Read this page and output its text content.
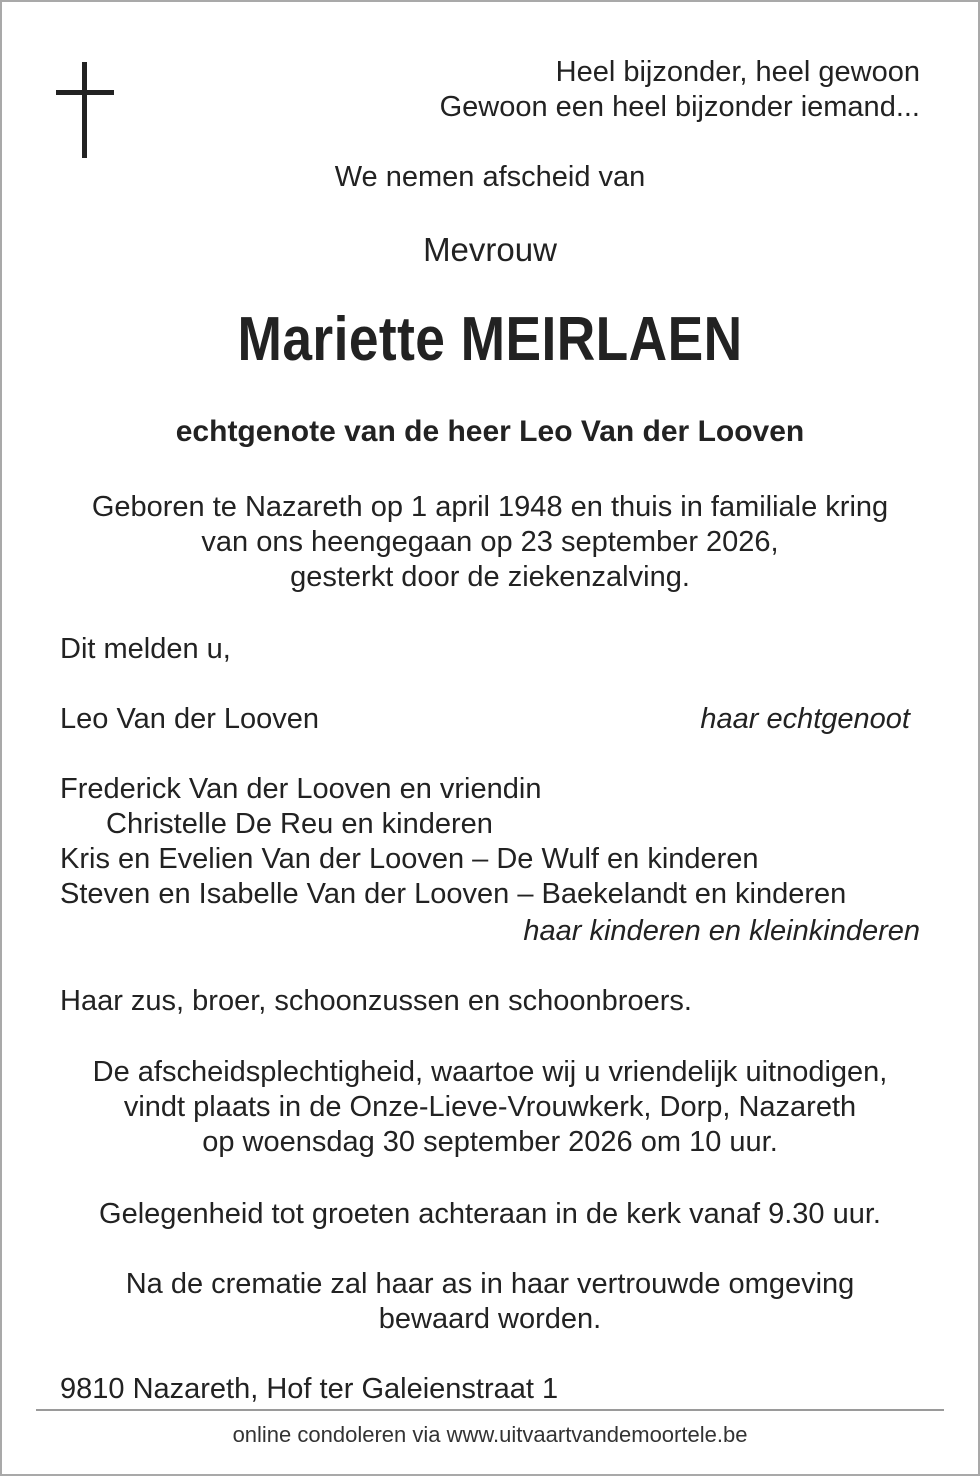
Heel bijzonder, heel gewoon
Gewoon een heel bijzonder iemand...
We nemen afscheid van
Mevrouw
Mariette MEIRLAEN
echtgenote van de heer Leo Van der Looven
Geboren te Nazareth op 1 april 1948 en thuis in familiale kring
van ons heengegaan op 23 september 2026,
gesterkt door de ziekenzalving.
Dit melden u,
Leo Van der Looven	haar echtgenoot
Frederick Van der Looven en vriendin
Christelle De Reu en kinderen
Kris en Evelien Van der Looven – De Wulf en kinderen
Steven en Isabelle Van der Looven – Baekelandt en kinderen
haar kinderen en kleinkinderen
Haar zus, broer, schoonzussen en schoonbroers.
De afscheidsplechtigheid, waartoe wij u vriendelijk uitnodigen,
vindt plaats in de Onze-Lieve-Vrouwkerk, Dorp, Nazareth
op woensdag 30 september 2026 om 10 uur.
Gelegenheid tot groeten achteraan in de kerk vanaf 9.30 uur.
Na de crematie zal haar as in haar vertrouwde omgeving
bewaard worden.
9810 Nazareth, Hof ter Galeienstraat 1
online condoleren via www.uitvaartvandemoortele.be
